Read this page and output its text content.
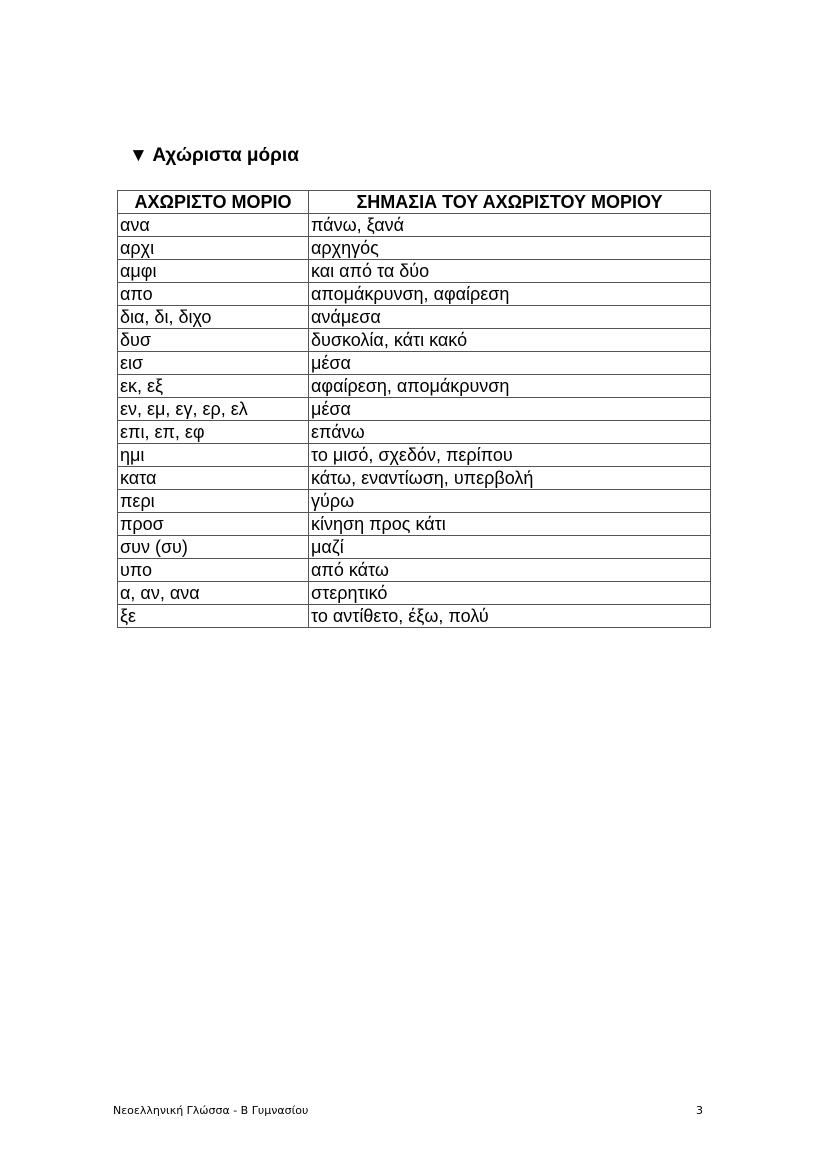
▼ Αχώριστα μόρια
ΑΧΩΡΙΣΤΟ ΜΟΡΙΟ	ΣΗΜΑΣΙΑ ΤΟΥ ΑΧΩΡΙΣΤΟΥ ΜΟΡΙΟΥ
ανα	πάνω, ξανά
αρχι	αρχηγός
αμφι	και από τα δύο
απο	απομάκρυνση, αφαίρεση
δια, δι, διχο	ανάμεσα
δυσ	δυσκολία, κάτι κακό
εισ	μέσα
εκ, εξ	αφαίρεση, απομάκρυνση
εν, εμ, εγ, ερ, ελ	μέσα
επι, επ, εφ	επάνω
ημι	το μισό, σχεδόν, περίπου
κατα	κάτω, εναντίωση, υπερβολή
περι	γύρω
προσ	κίνηση προς κάτι
συν (συ)	μαζί
υπο	από κάτω
α, αν, ανα	στερητικό
ξε	το αντίθετο, έξω, πολύ
Νεοελληνική Γλώσσα - Β Γυμνασίου	3
